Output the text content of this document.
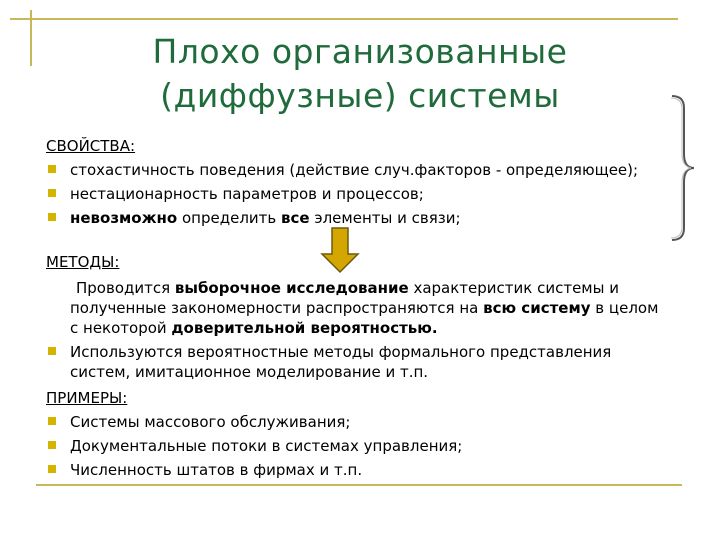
Плохо организованные
(диффузные) системы

СВОЙСТВА:

стохастичность поведения (действие случ.факторов - определяющее);
нестационарность параметров и процессов;
невозможно определить все элементы и связи;

МЕТОДЫ:

Проводится выборочное исследование характеристик системы и полученные закономерности распространяются на всю систему в целом с некоторой доверительной вероятностью.
Используются вероятностные методы формального представления систем, имитационное моделирование и т.п.

ПРИМЕРЫ:

Системы массового обслуживания;
Документальные потоки в системах управления;
Численность штатов в фирмах и т.п.
